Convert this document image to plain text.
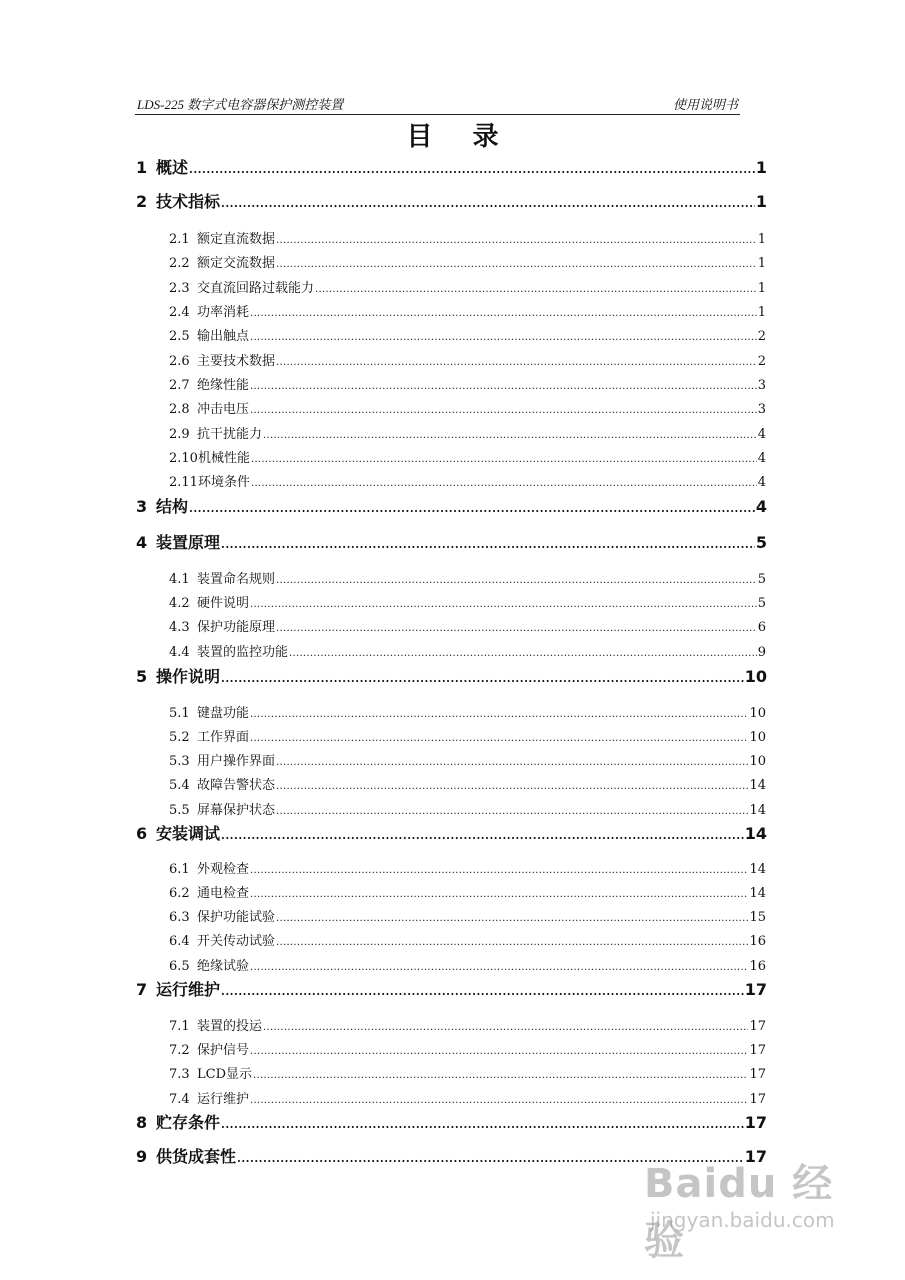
LDS-225 数字式电容器保护测控装置	使用说明书
目录
1 概述 .....	1
2 技术指标 .....	1
2.1 额定直流数据 .....	1
2.2 额定交流数据 .....	1
2.3 交直流回路过载能力 .....	1
2.4 功率消耗 .....	1
2.5 输出触点 .....	2
2.6 主要技术数据 .....	2
2.7 绝缘性能 .....	3
2.8 冲击电压 .....	3
2.9 抗干扰能力 .....	4
2.10 机械性能 .....	4
2.11 环境条件 .....	4
3 结构 .....	4
4 装置原理 .....	5
4.1 装置命名规则 .....	5
4.2 硬件说明 .....	5
4.3 保护功能原理 .....	6
4.4 装置的监控功能 .....	9
5 操作说明 .....	10
5.1 键盘功能 .....	10
5.2 工作界面 .....	10
5.3 用户操作界面 .....	10
5.4 故障告警状态 .....	14
5.5 屏幕保护状态 .....	14
6 安装调试 .....	14
6.1 外观检查 .....	14
6.2 通电检查 .....	14
6.3 保护功能试验 .....	15
6.4 开关传动试验 .....	16
6.5 绝缘试验 .....	16
7 运行维护 .....	17
7.1 装置的投运 .....	17
7.2 保护信号 .....	17
7.3 LCD显示 .....	17
7.4 运行维护 .....	17
8 贮存条件 .....	17
9 供货成套性 .....	17
Baidu 经验
jingyan.baidu.com
